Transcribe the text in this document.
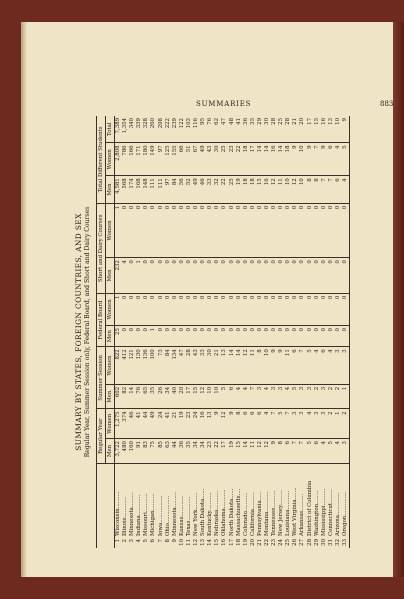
SUMMARIES	883
SUMMARY BY STATES, FOREIGN COUNTRIES, AND SEX Regular Year, Summer Session only, Federal Board, and Short and Dairy Courses
		Regular Year		Summer Session		Federal Board		Short and Dairy Courses		Total Different Students		
		Men	Women	Men	Women	Men	Women	Men	Women	Men	Women	Total
1	Wisconsin..........	3,722	1,275	602	822	25	1	232	1	4,581	2,808	7,389
2	Illinois............	480	374	82	412	0	0	4	0	568	786	1,354
3	Minnesota.........	160	46	14	121	0	0	0	0	174	166	340
4	Indiana............	91	41	76	130	0	0	1	0	168	171	339
5	Missouri...........	83	44	65	136	0	0	0	0	148	180	328
6	Michigan..........	75	49	35	100	1	0	0	0	111	149	260
7	Iowa................	85	24	26	73	0	0	0	0	111	97	208
8	Ohio................	63	41	34	84	0	0	0	0	97	125	222
9	Minnesota.........	44	21	40	134	0	0	0	0	84	155	239
10	Kansas............	36	19	20	47	0	0	0	0	56	66	122
11	Texas..............	35	23	17	28	0	0	0	0	52	51	103
12	New York..........	34	24	15	43	0	0	0	0	49	67	116
13	South Dakota......	34	16	12	33	0	0	0	0	46	49	95
14	Kentucky...........	23	13	10	30	0	0	0	0	33	43	76
15	Nebraska...........	22	9	10	21	0	0	0	0	32	30	62
16	Oklahoma...........	17	12	5	13	0	0	0	0	22	25	47
17	North Dakota......	19	9	6	14	0	0	0	0	25	23	48
18	Massachusetts....	15	8	4	14	0	0	0	0	19	22	41
19	Colorado...........	14	6	4	12	0	0	0	0	18	18	36
20	California..........	11	6	7	11	0	0	0	0	18	17	35
21	Pennsylvania.....	12	6	3	8	0	0	0	0	15	14	29
22	Montana............	12	4	4	10	0	0	0	0	16	14	30
23	Tennessee..........	9	7	3	9	0	0	0	0	12	16	28
24	New Jersey.........	8	5	3	9	0	0	0	0	11	14	25
25	Louisiana...........	6	7	4	11	0	0	0	0	10	18	28
26	West Virginia.......	7	3	5	6	0	0	0	0	12	9	21
27	Arkansas..........	7	3	3	7	0	0	0	0	10	10	20
28	District of Columbia	5	4	3	5	0	0	0	0	8	9	17
29	Washington........	6	3	2	4	0	0	0	0	8	7	15
30	Mississippi..........	4	3	3	6	0	0	0	0	7	9	16
31	Connecticut........	5	2	2	4	0	0	0	0	7	6	13
32	Arizona.............	4	1	2	3	0	0	0	0	6	4	10
33	Oregon..............	3	2	1	3	0	0	0	0	4	5	9
